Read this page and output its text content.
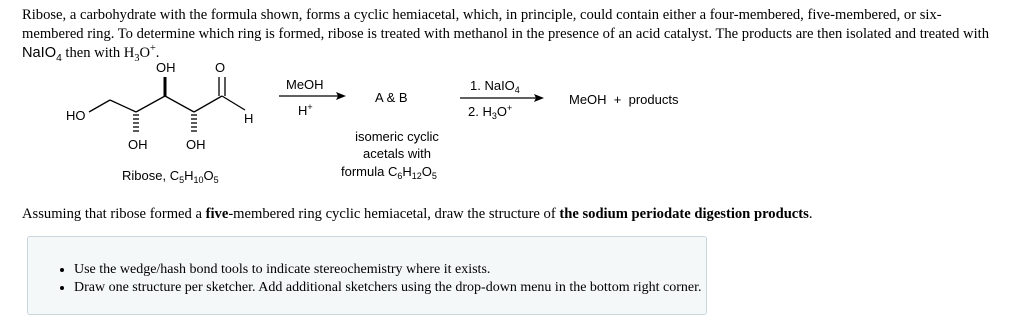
Ribose, a carbohydrate with the formula shown, forms a cyclic hemiacetal, which, in principle, could contain either a four-membered, five-membered, or six-membered ring. To determine which ring is formed, ribose is treated with methanol in the presence of an acid catalyst. The products are then isolated and treated with NaIO$_4$ then with $H_3O^+$.
OH	O
HO	H
OH	OH
Ribose, $C_5H_{10}O_5$
MeOH
H+
A & B
isomeric cyclic
acetals with
formula $C_6H_{12}O_5$
1. NaIO$_4$
2. $H_3O^+$
MeOH  +  products
Assuming that ribose formed a five-membered ring cyclic hemiacetal, draw the structure of the sodium periodate digestion products.
• Use the wedge/hash bond tools to indicate stereochemistry where it exists.
• Draw one structure per sketcher. Add additional sketchers using the drop-down menu in the bottom right corner.
